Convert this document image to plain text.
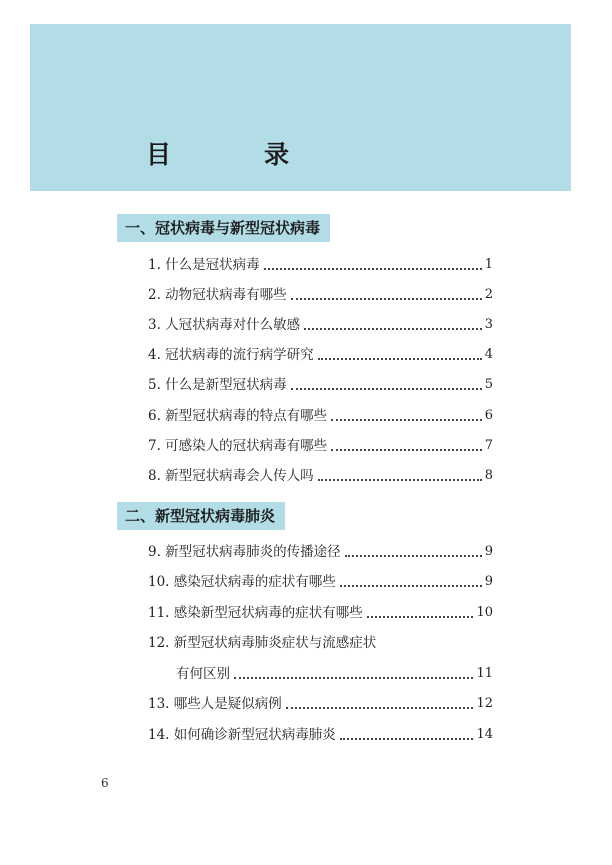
目　录
一、冠状病毒与新型冠状病毒
1. 什么是冠状病毒	1
2. 动物冠状病毒有哪些	2
3. 人冠状病毒对什么敏感	3
4. 冠状病毒的流行病学研究	4
5. 什么是新型冠状病毒	5
6. 新型冠状病毒的特点有哪些	6
7. 可感染人的冠状病毒有哪些	7
8. 新型冠状病毒会人传人吗	8
二、新型冠状病毒肺炎
9. 新型冠状病毒肺炎的传播途径	9
10. 感染冠状病毒的症状有哪些	9
11. 感染新型冠状病毒的症状有哪些	10
12. 新型冠状病毒肺炎症状与流感症状
有何区别	11
13. 哪些人是疑似病例	12
14. 如何确诊新型冠状病毒肺炎	14
6
